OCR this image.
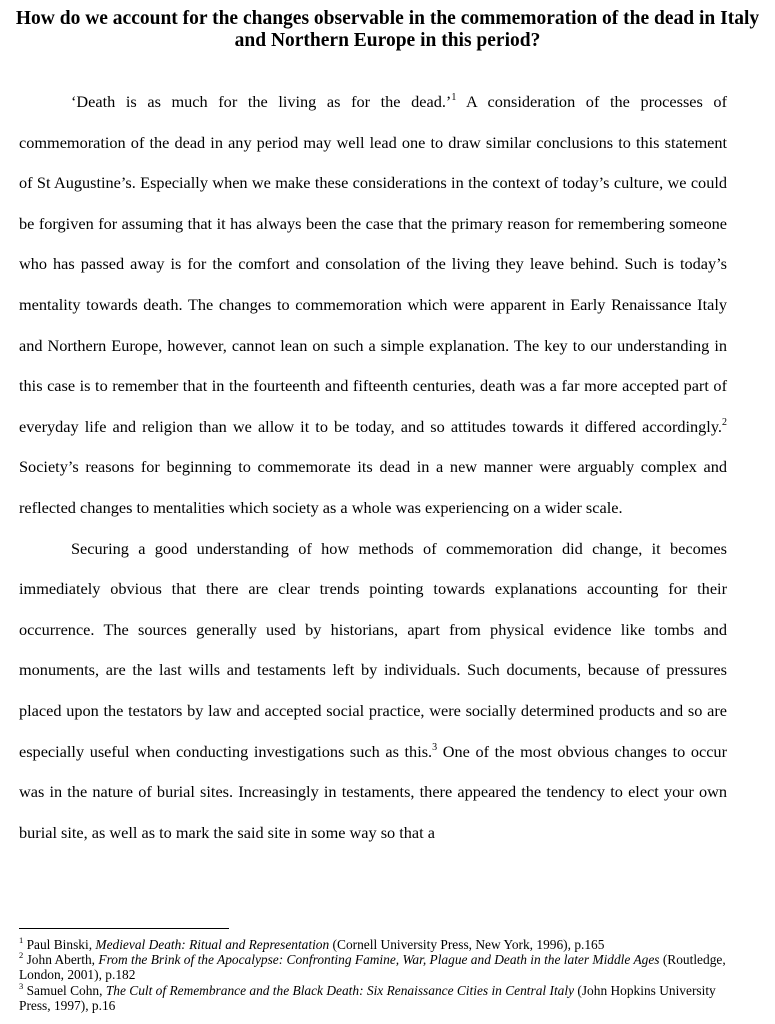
How do we account for the changes observable in the commemoration of the dead in Italy and Northern Europe in this period?

‘Death is as much for the living as for the dead.’$^1$ A consideration of the processes of commemoration of the dead in any period may well lead one to draw similar conclusions to this statement of St Augustine’s. Especially when we make these considerations in the context of today’s culture, we could be forgiven for assuming that it has always been the case that the primary reason for remembering someone who has passed away is for the comfort and consolation of the living they leave behind. Such is today’s mentality towards death. The changes to commemoration which were apparent in Early Renaissance Italy and Northern Europe, however, cannot lean on such a simple explanation. The key to our understanding in this case is to remember that in the fourteenth and fifteenth centuries, death was a far more accepted part of everyday life and religion than we allow it to be today, and so attitudes towards it differed accordingly.$^2$ Society’s reasons for beginning to commemorate its dead in a new manner were arguably complex and reflected changes to mentalities which society as a whole was experiencing on a wider scale.

Securing a good understanding of how methods of commemoration did change, it becomes immediately obvious that there are clear trends pointing towards explanations accounting for their occurrence. The sources generally used by historians, apart from physical evidence like tombs and monuments, are the last wills and testaments left by individuals. Such documents, because of pressures placed upon the testators by law and accepted social practice, were socially determined products and so are especially useful when conducting investigations such as this.$^3$ One of the most obvious changes to occur was in the nature of burial sites. Increasingly in testaments, there appeared the tendency to elect your own burial site, as well as to mark the said site in some way so that a

$^1$ Paul Binski, Medieval Death: Ritual and Representation (Cornell University Press, New York, 1996), p.165

$^2$ John Aberth, From the Brink of the Apocalypse: Confronting Famine, War, Plague and Death in the later Middle Ages (Routledge, London, 2001), p.182

$^3$ Samuel Cohn, The Cult of Remembrance and the Black Death: Six Renaissance Cities in Central Italy (John Hopkins University Press, 1997), p.16
